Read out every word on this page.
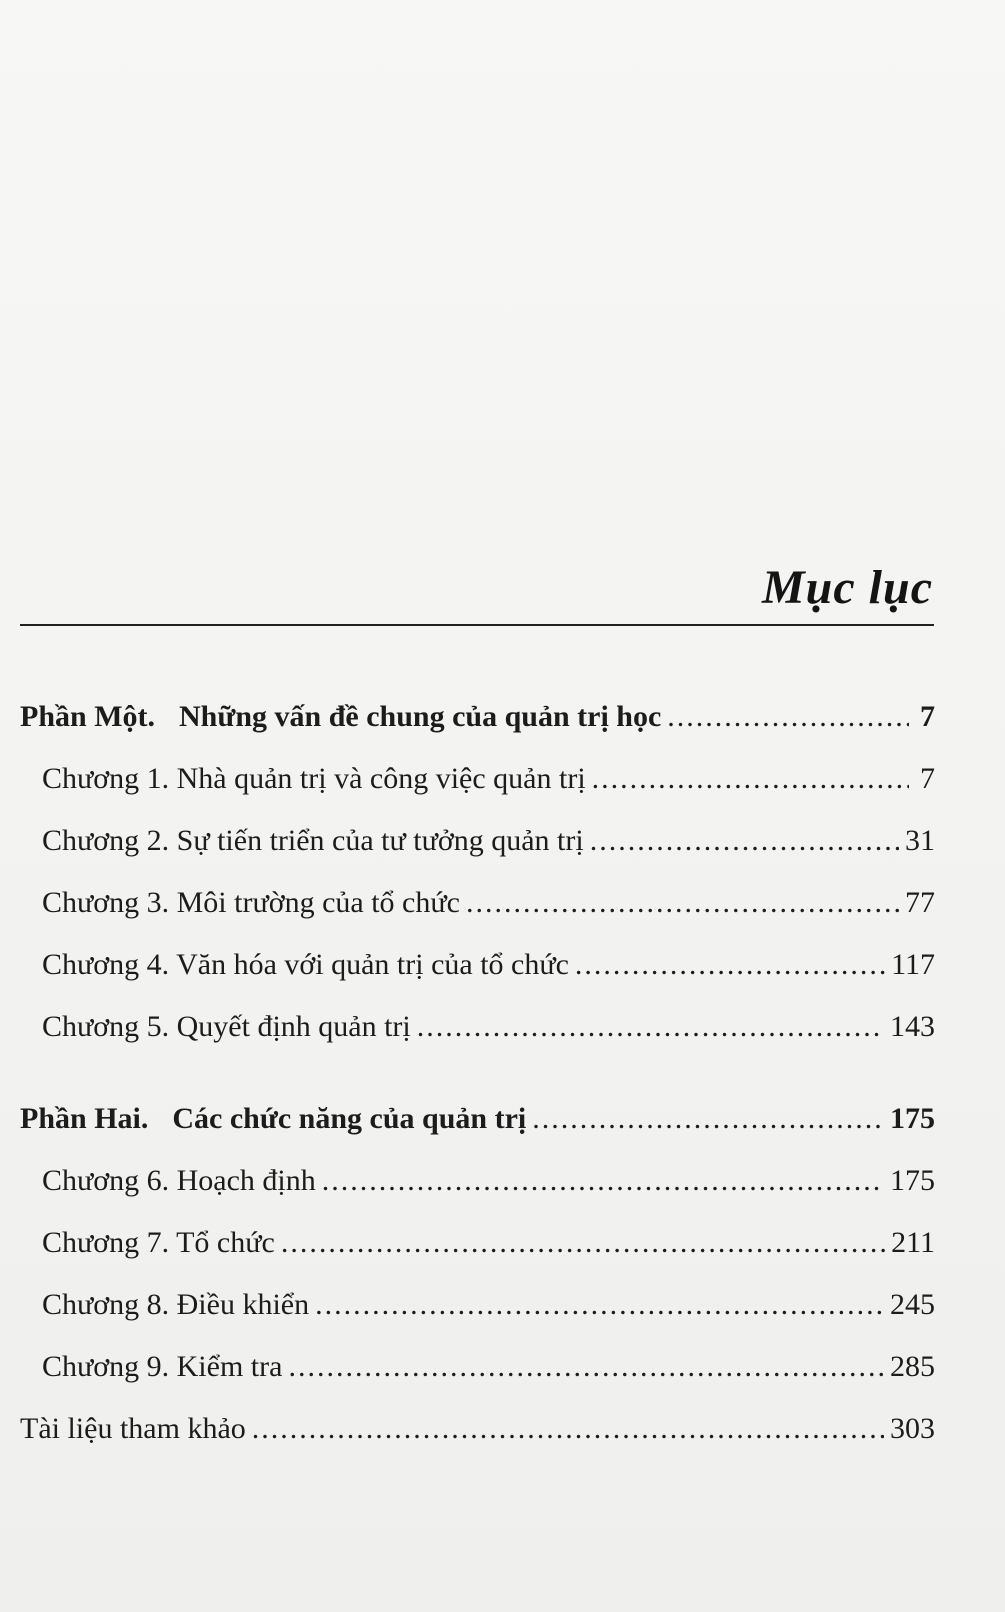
Mục lục
Phần Một. Những vấn đề chung của quản trị học .....	7
Chương 1. Nhà quản trị và công việc quản trị .....	7
Chương 2. Sự tiến triển của tư tưởng quản trị .....	31
Chương 3. Môi trường của tổ chức .....	77
Chương 4. Văn hóa với quản trị của tổ chức .....	117
Chương 5. Quyết định quản trị .....	143
Phần Hai. Các chức năng của quản trị .....	175
Chương 6. Hoạch định .....	175
Chương 7. Tổ chức .....	211
Chương 8. Điều khiển .....	245
Chương 9. Kiểm tra .....	285
Tài liệu tham khảo .....	303
